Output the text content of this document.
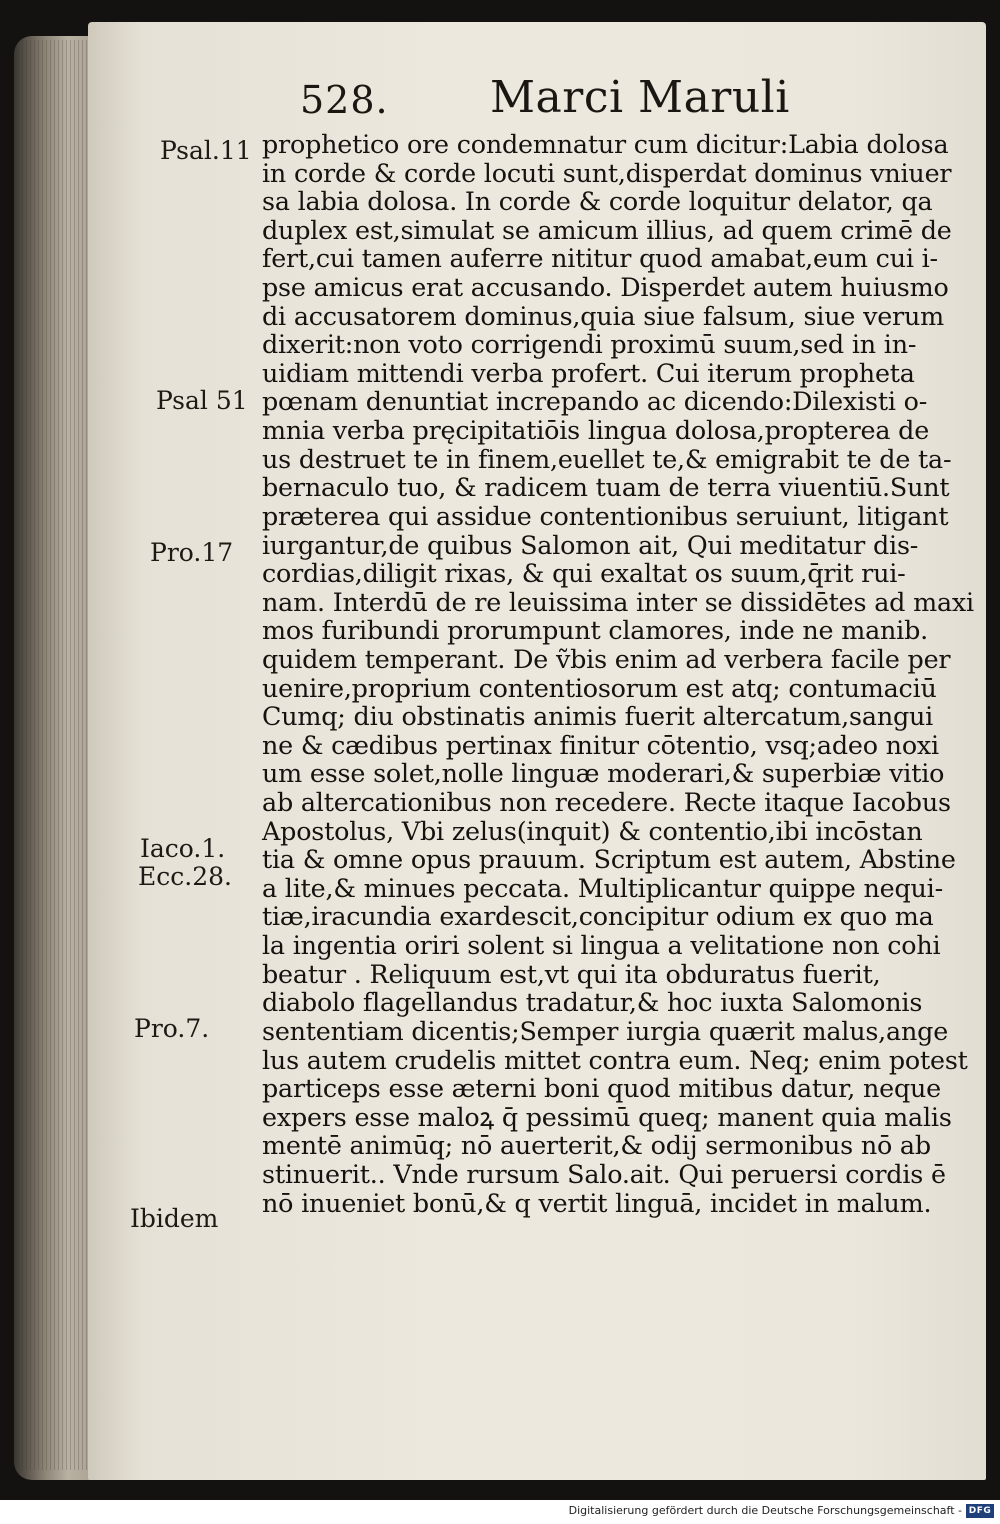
528. Marci Maruli
Psal.11
Psal 51
Pro.17
Iaco.1.
Ecc.28.
Pro.7.
Ibidem
prophetico ore condemnatur cum dicitur:Labia dolosa
in corde & corde locuti sunt,disperdat dominus vniuer
sa labia dolosa. In corde & corde loquitur delator, qa
duplex est,simulat se amicum illius, ad quem crimē de
fert,cui tamen auferre nititur quod amabat,eum cui i-
pse amicus erat accusando. Disperdet autem huiusmo
di accusatorem dominus,quia siue falsum, siue verum
dixerit:non voto corrigendi proximū suum,sed in in-
uidiam mittendi verba profert. Cui iterum propheta
pœnam denuntiat increpando ac dicendo:Dilexisti o-
mnia verba pręcipitatiōis lingua dolosa,propterea de
us destruet te in finem,euellet te,& emigrabit te de ta-
bernaculo tuo, & radicem tuam de terra viuentiū.Sunt
præterea qui assidue contentionibus seruiunt, litigant
iurgantur,de quibus Salomon ait, Qui meditatur dis-
cordias,diligit rixas, & qui exaltat os suum,q̄rit rui-
nam. Interdū de re leuissima inter se dissidētes ad maxi
mos furibundi prorumpunt clamores, inde ne manib.
quidem temperant. De ṽbis enim ad verbera facile per
uenire,proprium contentiosorum est atq; contumaciū
Cumq; diu obstinatis animis fuerit altercatum,sangui
ne & cædibus pertinax finitur cōtentio, vsq;adeo noxi
um esse solet,nolle linguæ moderari,& superbiæ vitio
ab altercationibus non recedere. Recte itaque Iacobus
Apostolus, Vbi zelus(inquit) & contentio,ibi incōstan
tia & omne opus prauum. Scriptum est autem, Abstine
a lite,& minues peccata. Multiplicantur quippe nequi-
tiæ,iracundia exardescit,concipitur odium ex quo ma
la ingentia oriri solent si lingua a velitatione non cohi
beatur . Reliquum est,vt qui ita obduratus fuerit,
diabolo flagellandus tradatur,& hoc iuxta Salomonis
sententiam dicentis;Semper iurgia quærit malus,ange
lus autem crudelis mittet contra eum. Neq; enim potest
particeps esse æterni boni quod mitibus datur, neque
expers esse maloꝝ q̄ pessimū queq; manent quia malis
mentē animūq; nō auerterit,& odij sermonibus nō ab
stinuerit.. Vnde rursum Salo.ait. Qui peruersi cordis ē
nō inueniet bonū,& q vertit linguā, incidet in malum.
Digitalisierung gefördert durch die Deutsche Forschungsgemeinschaft - DFG
